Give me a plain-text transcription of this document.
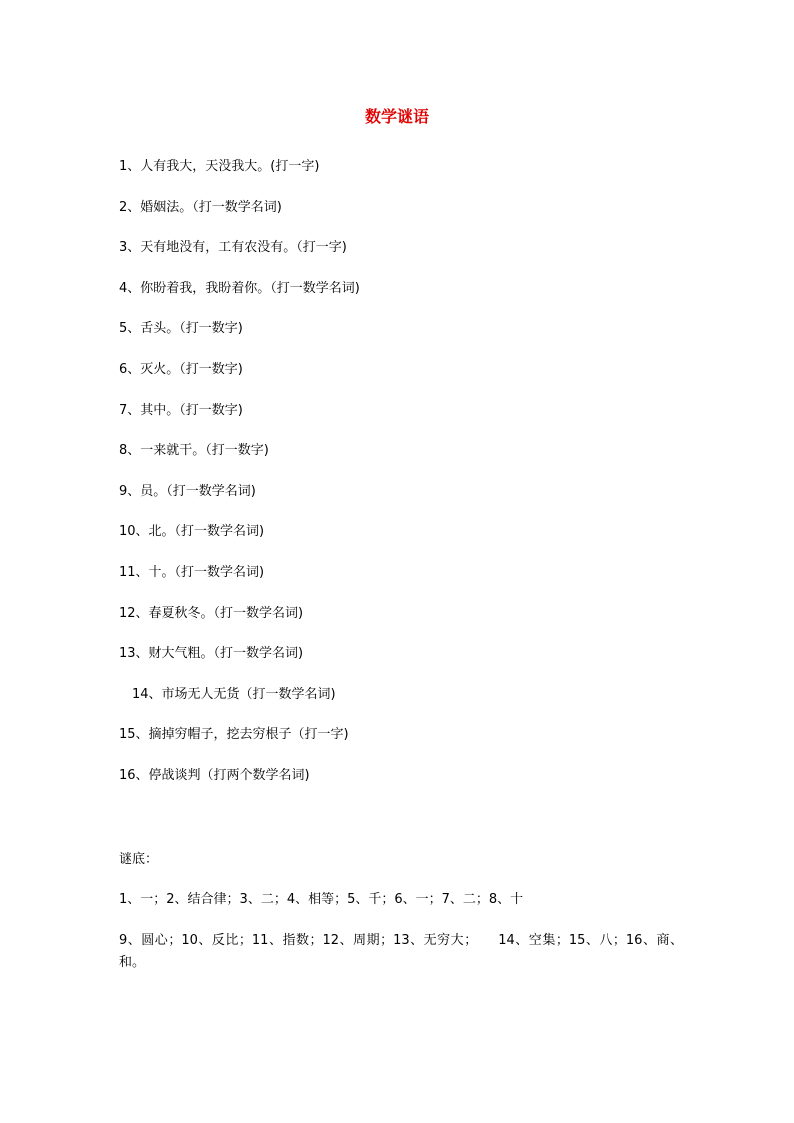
数学谜语
1、人有我大，天没我大。(打一字)
2、婚姻法。（打一数学名词)
3、天有地没有，工有农没有。（打一字)
4、你盼着我，我盼着你。（打一数学名词)
5、舌头。（打一数字)
6、灭火。（打一数字)
7、其中。（打一数字)
8、一来就干。（打一数字)
9、员。（打一数学名词)
10、北。（打一数学名词)
11、十。（打一数学名词)
12、春夏秋冬。（打一数学名词)
13、财大气粗。（打一数学名词)
14、市场无人无货（打一数学名词)
15、摘掉穷帽子，挖去穷根子（打一字)
16、停战谈判（打两个数学名词)
谜底：
1、一；2、结合律；3、二；4、相等；5、千；6、一；7、二；8、十
9、圆心；10、反比；11、指数；12、周期；13、无穷大；　　14、空集；15、八；16、商、和。
